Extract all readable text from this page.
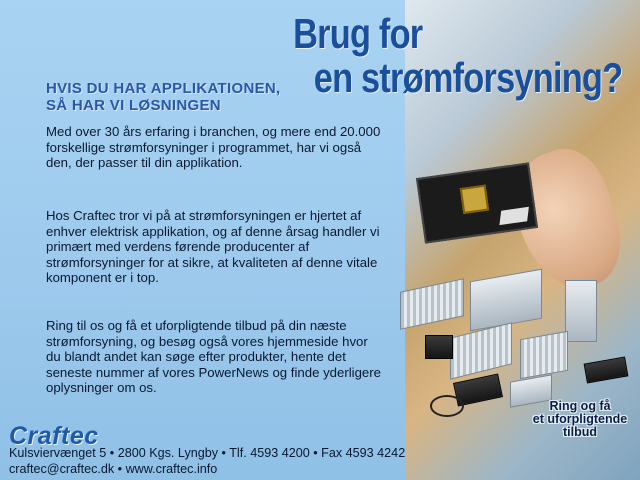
Brug for
en strømforsyning?
HVIS DU HAR APPLIKATIONEN,
SÅ HAR VI LØSNINGEN

Med over 30 års erfaring i branchen, og mere end 20.000 forskellige strømforsyninger i programmet, har vi også den, der passer til din applikation.

Hos Craftec tror vi på at strømforsyningen er hjertet af enhver elektrisk applikation, og af denne årsag handler vi primært med verdens førende producenter af strømforsyninger for at sikre, at kvaliteten af denne vitale komponent er i top.

Ring til os og få et uforpligtende tilbud på din næste strømforsyning, og besøg også vores hjemmeside hvor du blandt andet kan søge efter produkter, hente det seneste nummer af vores PowerNews og finde yderligere oplysninger om os.

Craftec
Kulsviervænget 5 • 2800 Kgs. Lyngby • Tlf. 4593 4200 • Fax 4593 4242
craftec@craftec.dk • www.craftec.info
Ring og få
et uforpligtende
tilbud
